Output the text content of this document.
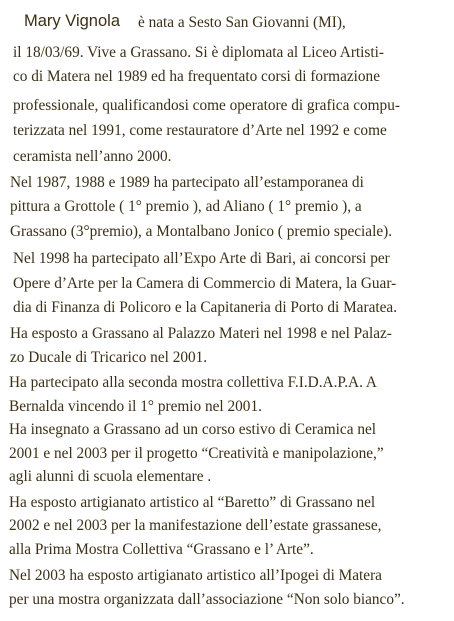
Mary Vignola è nata a Sesto San Giovanni (MI),
il 18/03/69. Vive a Grassano. Si è diplomata al Liceo Artisti-
co di Matera nel 1989 ed ha frequentato corsi di formazione
professionale, qualificandosi come operatore di grafica compu-
terizzata nel 1991, come restauratore d’Arte nel 1992 e come
ceramista nell’anno 2000.
Nel 1987, 1988 e 1989 ha partecipato all’estamporanea di
pittura a Grottole ( 1° premio ), ad Aliano ( 1° premio ), a
Grassano (3°premio), a Montalbano Jonico ( premio speciale).
Nel 1998 ha partecipato all’Expo Arte di Bari, ai concorsi per
Opere d’Arte per la Camera di Commercio di Matera, la Guar-
dia di Finanza di Policoro e la Capitaneria di Porto di Maratea.
Ha esposto a Grassano al Palazzo Materi nel 1998 e nel Palaz-
zo Ducale di Tricarico nel 2001.
Ha partecipato alla seconda mostra collettiva F.I.D.A.P.A. A
Bernalda vincendo il 1° premio nel 2001.
Ha insegnato a Grassano ad un corso estivo di Ceramica nel
2001 e nel 2003 per il progetto “Creatività e manipolazione,”
agli alunni di scuola elementare .
Ha esposto artigianato artistico al “Baretto” di Grassano nel
2002 e nel 2003 per la manifestazione dell’estate grassanese,
alla Prima Mostra Collettiva “Grassano e l’ Arte”.
Nel 2003 ha esposto artigianato artistico all’Ipogei di Matera
per una mostra organizzata dall’associazione “Non solo bianco”.
